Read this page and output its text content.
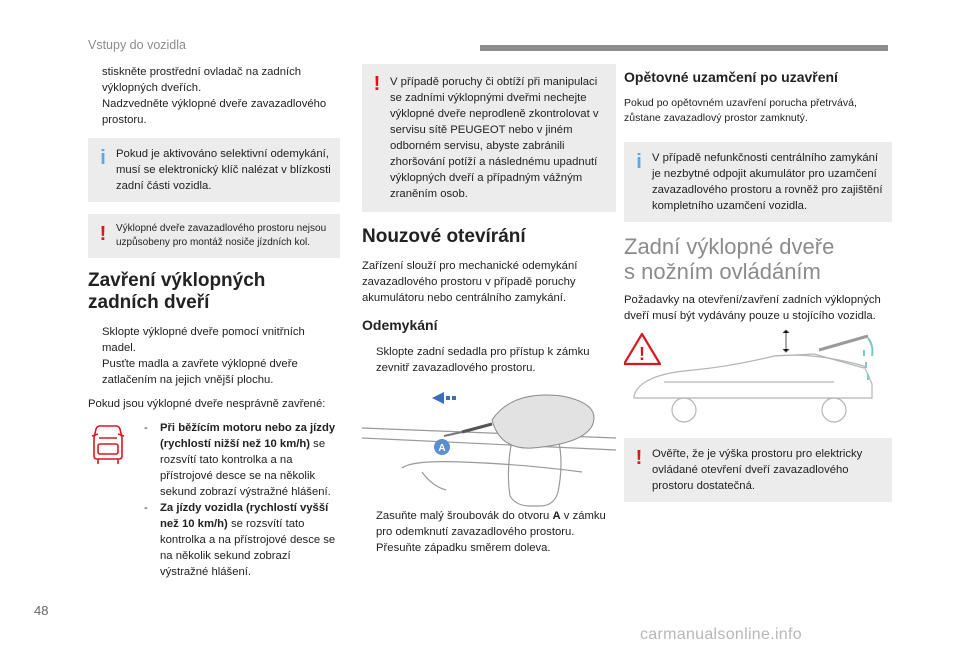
Vstupy do vozidla

stiskněte prostřední ovladač na zadních výklopných dveřích.

Nadzvedněte výklopné dveře zavazadlového prostoru.
i Pokud je aktivováno selektivní odemykání, musí se elektronický klíč nalézat v blízkosti zadní části vozidla.
! Výklopné dveře zavazadlového prostoru nejsou uzpůsobeny pro montáž nosiče jízdních kol.
Zavření výklopných zadních dveří
Sklopte výklopné dveře pomocí vnitřních madel.
Pusťte madla a zavřete výklopné dveře zatlačením na jejich vnější plochu.

Pokud jsou výklopné dveře nesprávně zavřené:

- Při běžícím motoru nebo za jízdy (rychlostí nižší než 10 km/h) se rozsvítí tato kontrolka a na přístrojové desce se na několik sekund zobrazí výstražné hlášení.
- Za jízdy vozidla (rychlostí vyšší než 10 km/h) se rozsvítí tato kontrolka a na přístrojové desce se na několik sekund zobrazí výstražné hlášení.
! V případě poruchy či obtíží při manipulaci se zadními výklopnými dveřmi nechejte výklopné dveře neprodleně zkontrolovat v servisu sítě PEUGEOT nebo v jiném odborném servisu, abyste zabránili zhoršování potíží a následnému upadnutí výklopných dveří a případným vážným zraněním osob.
Nouzové otevírání

Zařízení slouží pro mechanické odemykání zavazadlového prostoru v případě poruchy akumulátoru nebo centrálního zamykání.

Odemykání
Sklopte zadní sedadla pro přístup k zámku zevnitř zavazadlového prostoru.
A
Zasuňte malý šroubovák do otvoru A v zámku pro odemknutí zavazadlového prostoru.
Přesuňte západku směrem doleva.
Opětovné uzamčení po uzavření

Pokud po opětovném uzavření porucha přetrvává, zůstane zavazadlový prostor zamknutý.

i V případě nefunkčnosti centrálního zamykání je nezbytné odpojit akumulátor pro uzamčení zavazadlového prostoru a rovněž pro zajištění kompletního uzamčení vozidla.
Zadní výklopné dveře
s nožním ovládáním

Požadavky na otevření/zavření zadních výklopných dveří musí být vydávány pouze u stojícího vozidla.

!
! Ověřte, že je výška prostoru pro elektricky ovládané otevření dveří zavazadlového prostoru dostatečná.
48
carmanualsonline.info
